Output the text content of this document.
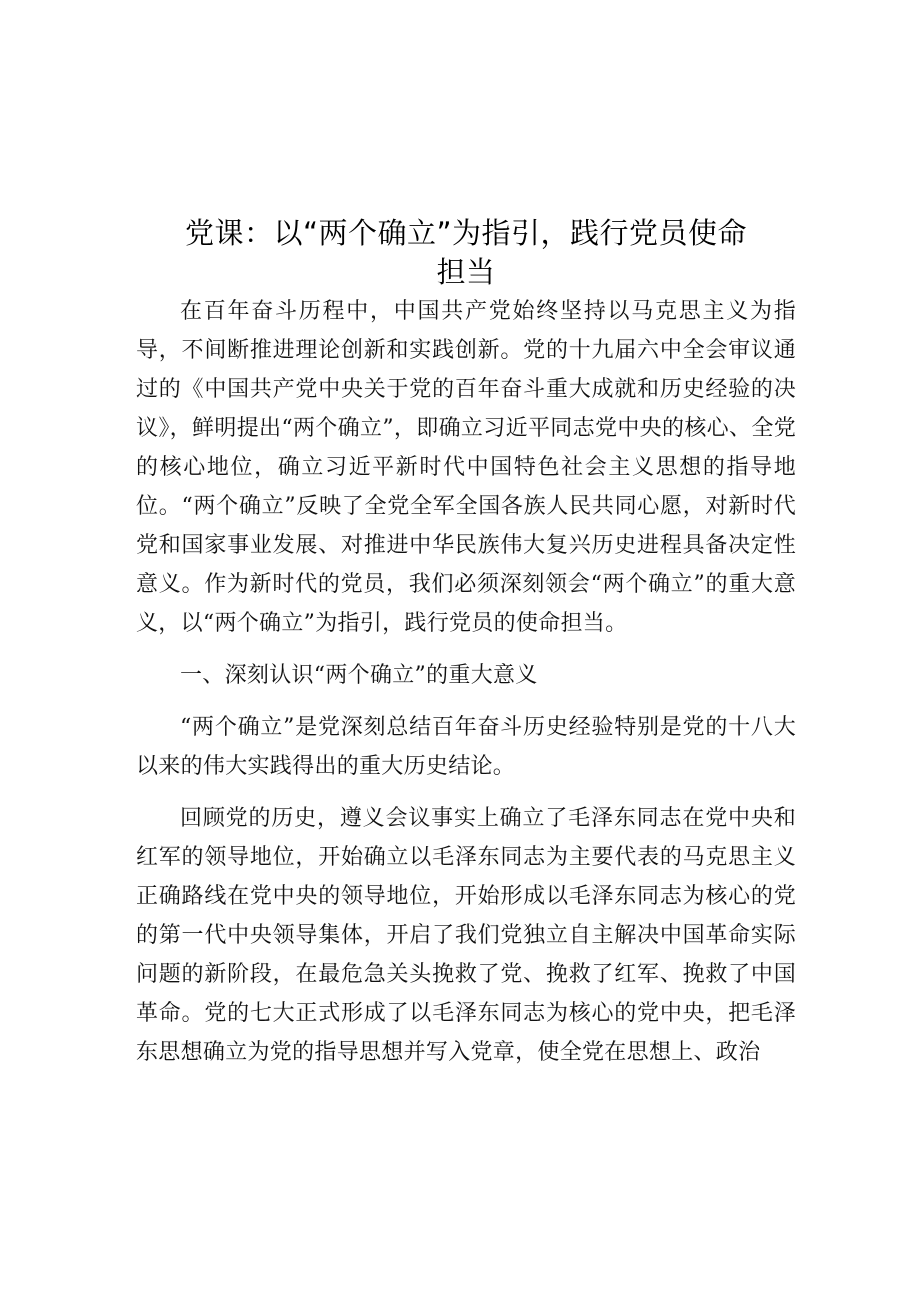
党课：以“两个确立”为指引，践行党员使命
担当

在百年奋斗历程中，中国共产党始终坚持以马克思主义为指导，不间断推进理论创新和实践创新。党的十九届六中全会审议通过的《中国共产党中央关于党的百年奋斗重大成就和历史经验的决议》，鲜明提出“两个确立”，即确立习近平同志党中央的核心、全党的核心地位，确立习近平新时代中国特色社会主义思想的指导地位。“两个确立”反映了全党全军全国各族人民共同心愿，对新时代党和国家事业发展、对推进中华民族伟大复兴历史进程具备决定性意义。作为新时代的党员，我们必须深刻领会“两个确立”的重大意义，以“两个确立”为指引，践行党员的使命担当。

一、深刻认识“两个确立”的重大意义

“两个确立”是党深刻总结百年奋斗历史经验特别是党的十八大以来的伟大实践得出的重大历史结论。

回顾党的历史，遵义会议事实上确立了毛泽东同志在党中央和红军的领导地位，开始确立以毛泽东同志为主要代表的马克思主义正确路线在党中央的领导地位，开始形成以毛泽东同志为核心的党的第一代中央领导集体，开启了我们党独立自主解决中国革命实际问题的新阶段，在最危急关头挽救了党、挽救了红军、挽救了中国革命。党的七大正式形成了以毛泽东同志为核心的党中央，把毛泽东思想确立为党的指导思想并写入党章，使全党在思想上、政治
